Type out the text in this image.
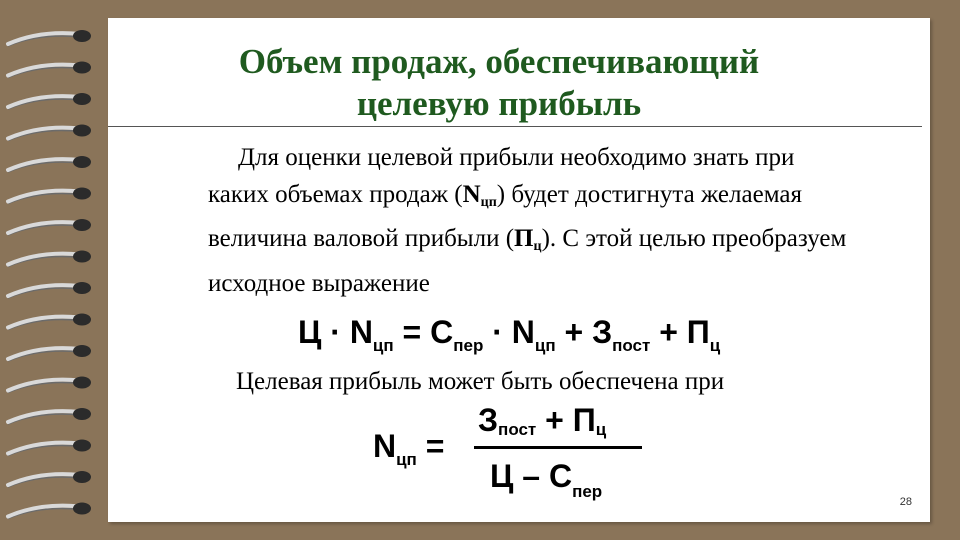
Объем продаж, обеспечивающий
целевую прибыль

Для оценки целевой прибыли необходимо знать при каких объемах продаж $(N_{цп})$ будет достигнута желаемая величина валовой прибыли $(П_ц)$. С этой целью преобразуем исходное выражение

$Ц \cdot N_{цп} = С_{пер} \cdot N_{цп} + З_{пост} + П_ц$
Целевая прибыль может быть обеспечена при
$N_{цп}$ =
Зпост + Пц
Ц – $С_{пер}$
28
